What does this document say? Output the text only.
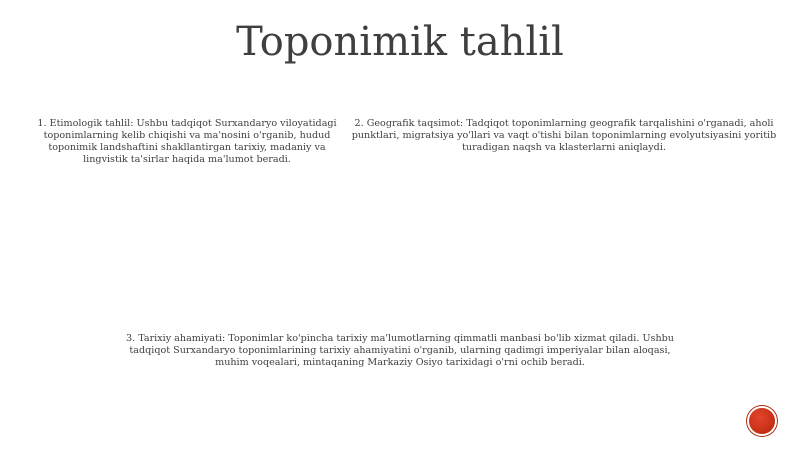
Toponimik tahlil
1. Etimologik tahlil: Ushbu tadqiqot Surxandaryo viloyatidagi toponimlarning kelib chiqishi va ma'nosini o'rganib, hudud toponimik landshaftini shakllantirgan tarixiy, madaniy va lingvistik ta'sirlar haqida ma'lumot beradi.
2. Geografik taqsimot: Tadqiqot toponimlarning geografik tarqalishini o'rganadi, aholi punktlari, migratsiya yo'llari va vaqt o'tishi bilan toponimlarning evolyutsiyasini yoritib turadigan naqsh va klasterlarni aniqlaydi.
3. Tarixiy ahamiyati: Toponimlar ko'pincha tarixiy ma'lumotlarning qimmatli manbasi bo'lib xizmat qiladi. Ushbu tadqiqot Surxandaryo toponimlarining tarixiy ahamiyatini o'rganib, ularning qadimgi imperiyalar bilan aloqasi, muhim voqealari, mintaqaning Markaziy Osiyo tarixidagi o'rni ochib beradi.
